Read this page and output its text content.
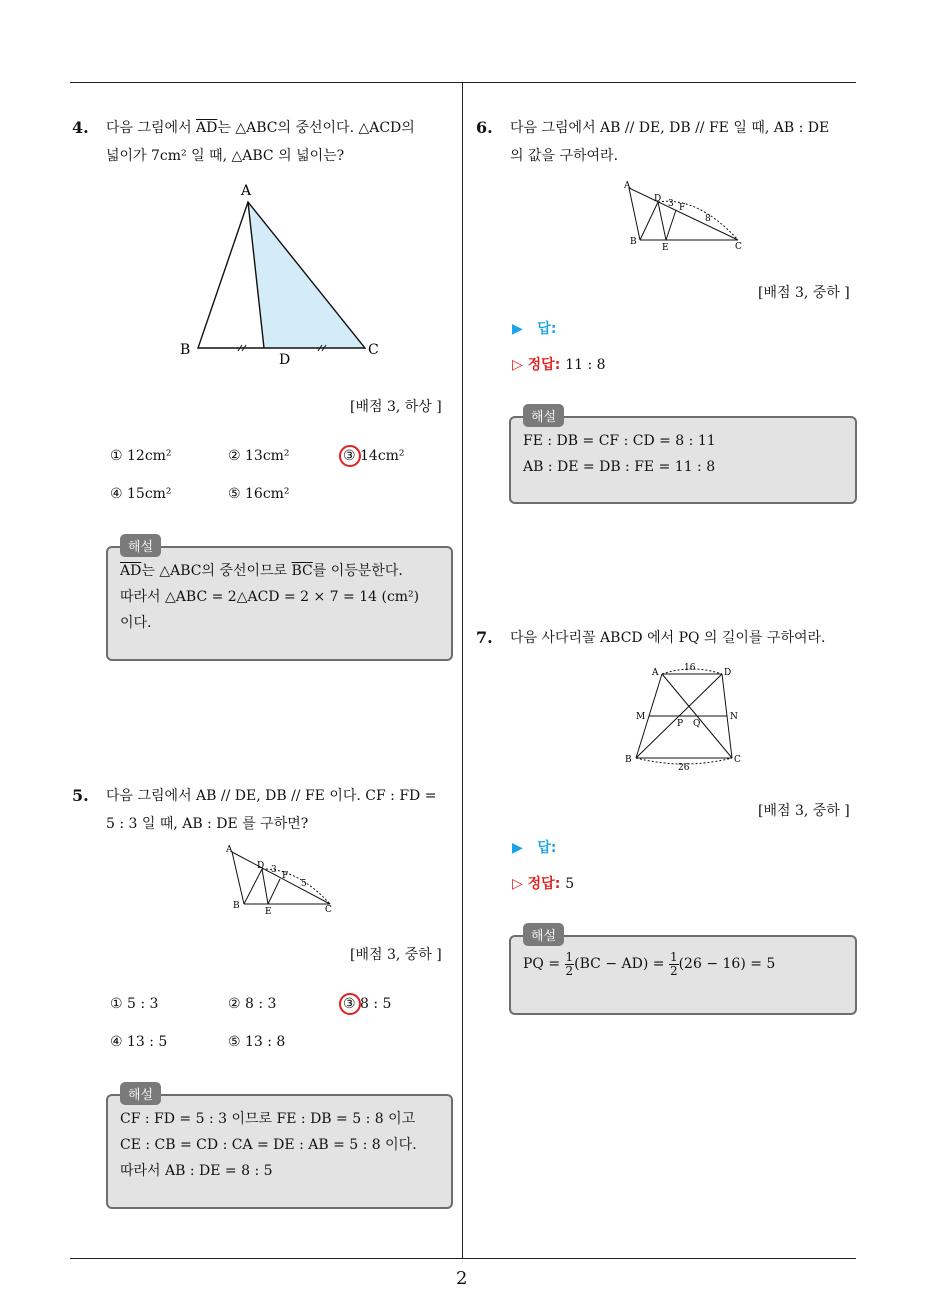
2
4. 다음 그림에서 $\overline{AD}$는 △ABC의 중선이다. △ACD의
넓이가 7cm² 일 때, △ABC 의 넓이는?
A
B	C
D
[배점 3, 하상 ]
① 12cm²	② 13cm²	③ 14cm²
④ 15cm²	⑤ 16cm²
$\overline{AD}$는 △ABC의 중선이므로 $\overline{BC}$를 이등분한다.
따라서 △ABC = 2△ACD = 2 × 7 = 14 (cm²)
이다.
해설
5. 다음 그림에서 AB // DE, DB // FE 이다. CF : FD =
5 : 3 일 때, AB : DE 를 구하면?
A
B	C
D
E
F
3
5
[배점 3, 중하 ]
① 5 : 3	② 8 : 3	③ 8 : 5
④ 13 : 5	⑤ 13 : 8
CF : FD = 5 : 3 이므로 FE : DB = 5 : 8 이고
CE : CB = CD : CA = DE : AB = 5 : 8 이다.
따라서 AB : DE = 8 : 5
해설
6. 다음 그림에서 AB // DE, DB // FE 일 때, AB : DE
의 값을 구하여라.
A
B	C
D
E
F
3
8
[배점 3, 중하 ]
▶ 답:
▷ 정답: 11 : 8
FE : DB = CF : CD = 8 : 11
AB : DE = DB : FE = 11 : 8
해설
7. 다음 사다리꼴 ABCD 에서 PQ 의 길이를 구하여라.
A	D
B	C
M	N
P Q
16
26
[배점 3, 중하 ]
▶ 답:
▷ 정답: 5
PQ = $\frac{1}{2} (BC - AD) = \frac{1}{2} (26 - 16) = 5$
해설
